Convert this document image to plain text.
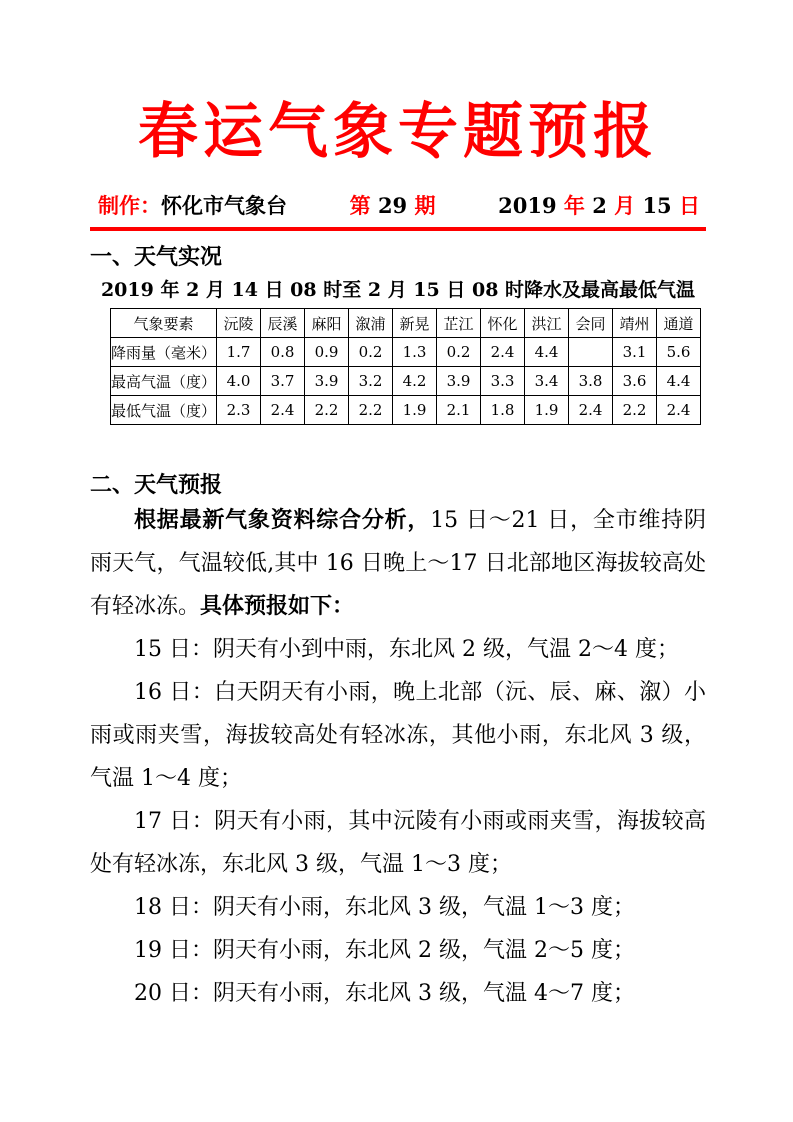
春运气象专题预报
制作：怀化市气象台	第 29 期	2019 年 2 月 15 日
一、天气实况
2019 年 2 月 14 日 08 时至 2 月 15 日 08 时降水及最高最低气温
气象要素	沅陵	辰溪	麻阳	溆浦	新晃	芷江	怀化	洪江	会同	靖州	通道
降雨量（毫米）	1.7	0.8	0.9	0.2	1.3	0.2	2.4	4.4		3.1	5.6
最高气温（度）	4.0	3.7	3.9	3.2	4.2	3.9	3.3	3.4	3.8	3.6	4.4
最低气温（度）	2.3	2.4	2.2	2.2	1.9	2.1	1.8	1.9	2.4	2.2	2.4
二、天气预报

根据最新气象资料综合分析，15 日～21 日，全市维持阴雨天气，气温较低,其中 16 日晚上～17 日北部地区海拔较高处有轻冰冻。具体预报如下：

15 日：阴天有小到中雨，东北风 2 级，气温 2～4 度；

16 日：白天阴天有小雨，晚上北部（沅、辰、麻、溆）小雨或雨夹雪，海拔较高处有轻冰冻，其他小雨，东北风 3 级，气温 1～4 度；

17 日：阴天有小雨，其中沅陵有小雨或雨夹雪，海拔较高处有轻冰冻，东北风 3 级，气温 1～3 度；

18 日：阴天有小雨，东北风 3 级，气温 1～3 度；

19 日：阴天有小雨，东北风 2 级，气温 2～5 度；

20 日：阴天有小雨，东北风 3 级，气温 4～7 度；
